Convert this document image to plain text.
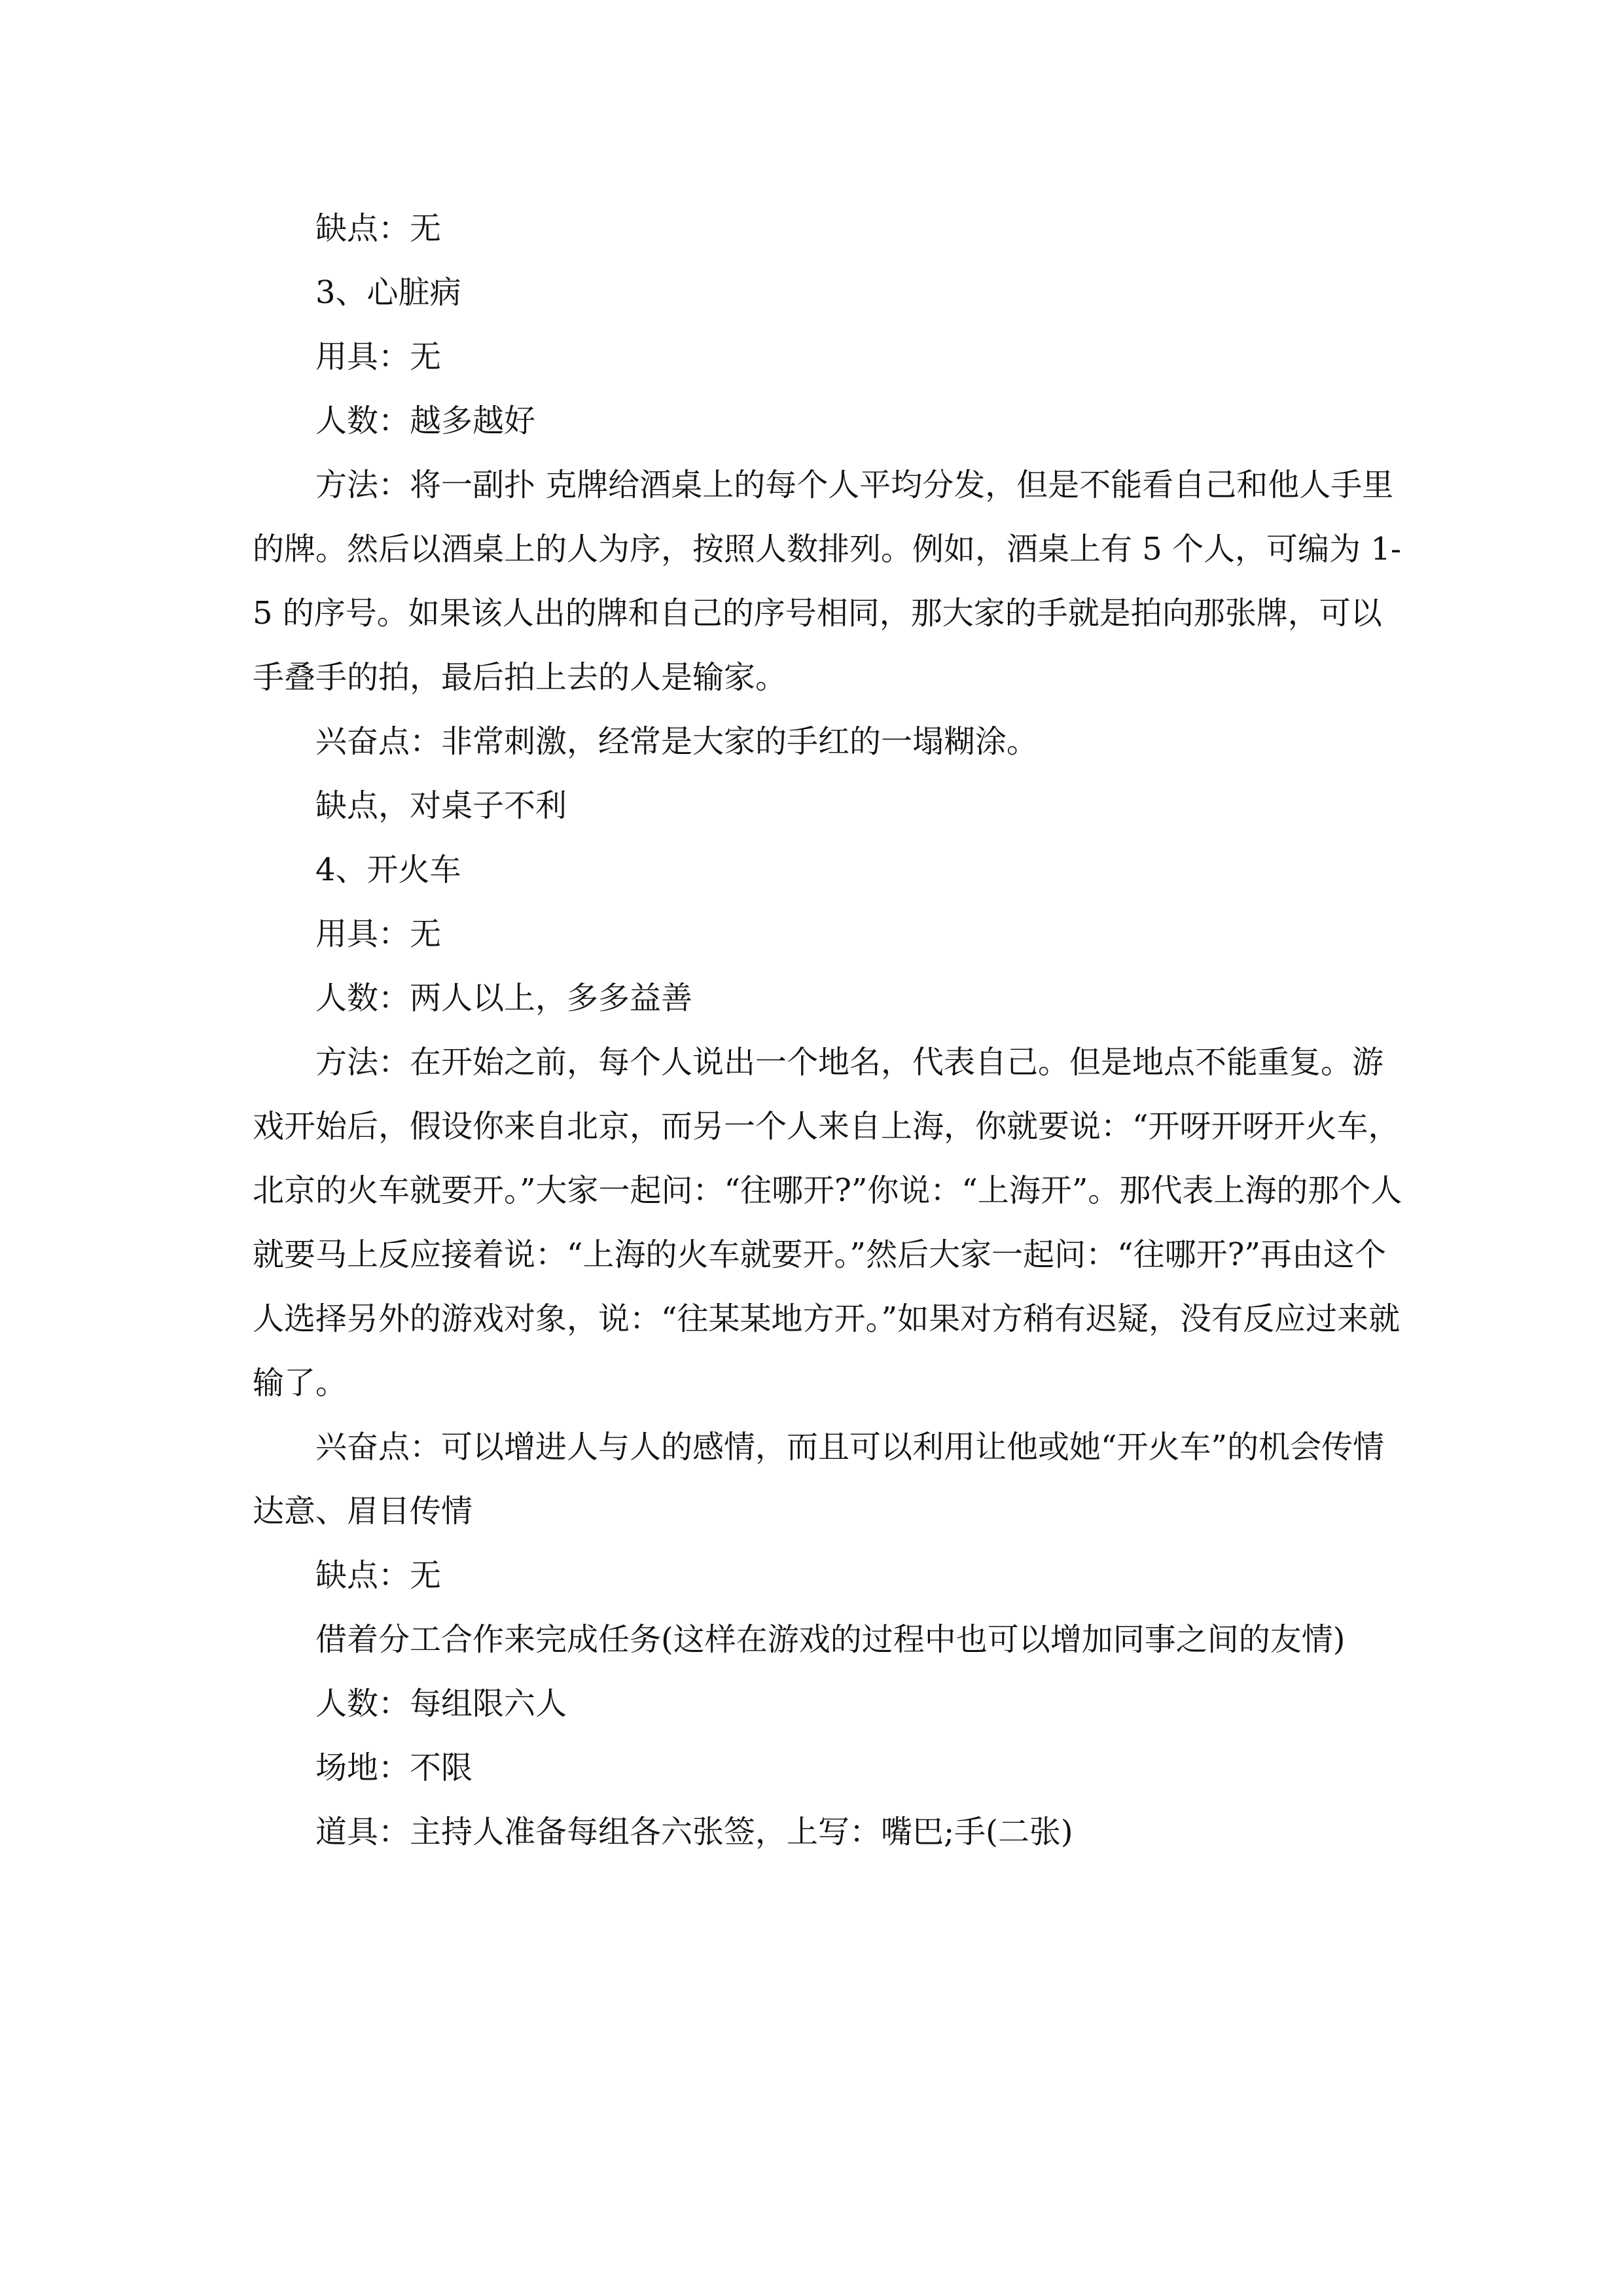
缺点：无

3、心脏病

用具：无

人数：越多越好

方法：将一副扑 克牌给酒桌上的每个人平均分发，但是不能看自己和他人手里的牌。然后以酒桌上的人为序，按照人数排列。例如，酒桌上有 5 个人，可编为 1-5 的序号。如果该人出的牌和自己的序号相同，那大家的手就是拍向那张牌，可以手叠手的拍，最后拍上去的人是输家。

兴奋点：非常刺激，经常是大家的手红的一塌糊涂。

缺点，对桌子不利

4、开火车

用具：无

人数：两人以上，多多益善

方法：在开始之前，每个人说出一个地名，代表自己。但是地点不能重复。游戏开始后，假设你来自北京，而另一个人来自上海，你就要说：“开呀开呀开火车，北京的火车就要开。”大家一起问：“往哪开?”你说：“上海开”。那代表上海的那个人就要马上反应接着说：“上海的火车就要开。”然后大家一起问：“往哪开?”再由这个人选择另外的游戏对象，说：“往某某地方开。”如果对方稍有迟疑，没有反应过来就输了。

兴奋点：可以增进人与人的感情，而且可以利用让他或她“开火车”的机会传情达意、眉目传情

缺点：无

借着分工合作来完成任务(这样在游戏的过程中也可以增加同事之间的友情)

人数：每组限六人

场地：不限

道具：主持人准备每组各六张签，上写：嘴巴;手(二张)
